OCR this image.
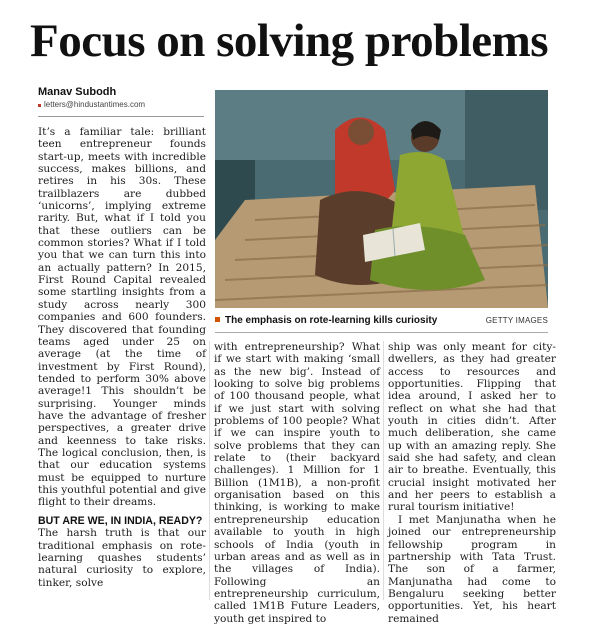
Focus on solving problems
Manav Subodh
letters@hindustantimes.com

It’s a familiar tale: brilliant teen entrepreneur founds start-up, meets with incredible success, makes billions, and retires in his 30s. These trailblazers are dubbed ‘unicorns’, implying extreme rarity. But, what if I told you that these outliers can be common stories? What if I told you that we can turn this into an actually pattern? In 2015, First Round Capital revealed some startling insights from a study across nearly 300 companies and 600 founders. They discovered that founding teams aged under 25 on average (at the time of investment by First Round), tended to perform 30% above average!1 This shouldn’t be surprising. Younger minds have the advantage of fresher perspectives, a greater drive and keenness to take risks. The logical conclusion, then, is that our education systems must be equipped to nurture this youthful potential and give flight to their dreams.

BUT ARE WE, IN INDIA, READY?

The harsh truth is that our traditional emphasis on rote-learning quashes students’ natural curiosity to explore, tinker, solve

The emphasis on rote-learning kills curiosity	GETTY IMAGES

with entrepreneurship? What if we start with making ‘small as the new big’. Instead of looking to solve big problems of 100 thousand people, what if we just start with solving problems of 100 people? What if we can inspire youth to solve problems that they can relate to (their backyard challenges). 1 Million for 1 Billion (1M1B), a non-profit organisation based on this thinking, is working to make entrepreneurship education available to youth in high schools of India (youth in urban areas and as well as in the villages of India). Following an entrepreneurship curriculum, called 1M1B Future Leaders, youth get inspired to

ship was only meant for city-dwellers, as they had greater access to resources and opportunities. Flipping that idea around, I asked her to reflect on what she had that youth in cities didn’t. After much deliberation, she came up with an amazing reply. She said she had safety, and clean air to breathe. Eventually, this crucial insight motivated her and her peers to establish a rural tourism initiative!

I met Manjunatha when he joined our entrepreneurship fellowship program in partnership with Tata Trust. The son of a farmer, Manjunatha had come to Bengaluru seeking better opportunities. Yet, his heart remained
